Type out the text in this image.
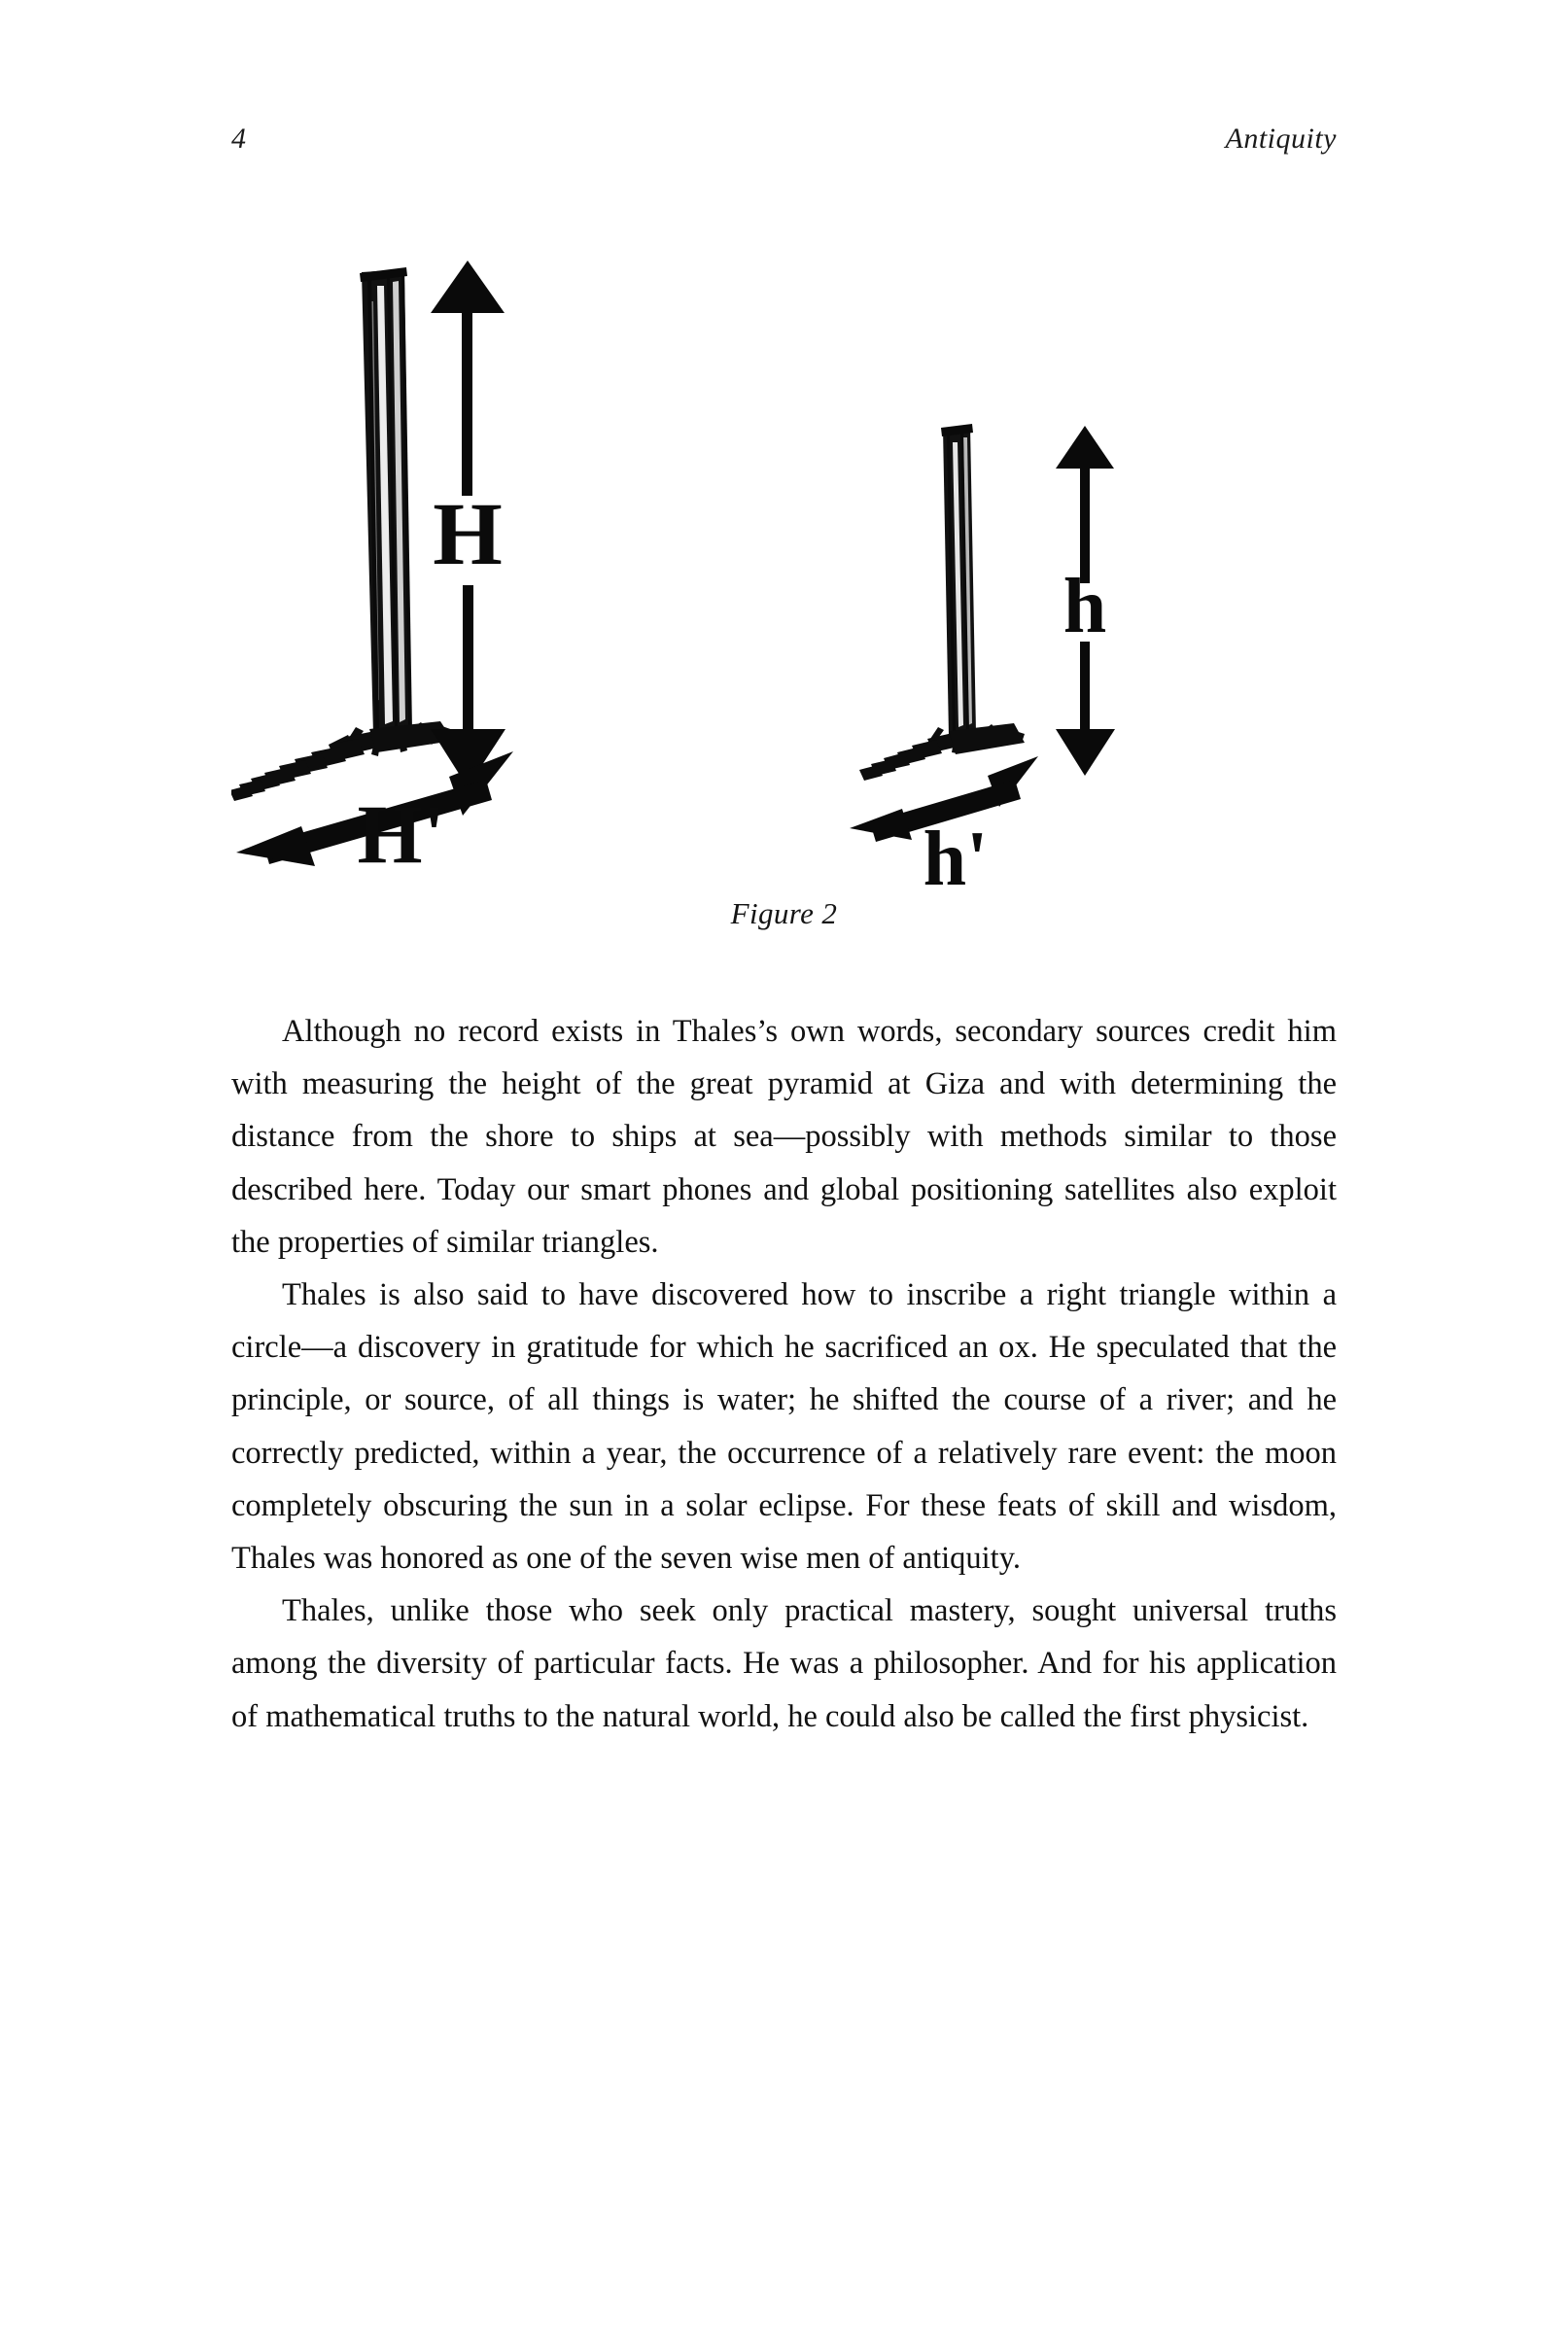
4	Antiquity
H
H'
h
h'
Figure 2

Although no record exists in Thales’s own words, secondary sources credit him with measuring the height of the great pyramid at Giza and with determining the distance from the shore to ships at sea—possibly with methods similar to those described here. Today our smart phones and global positioning satellites also exploit the properties of similar triangles.

Thales is also said to have discovered how to inscribe a right triangle within a circle—a discovery in gratitude for which he sacrificed an ox. He speculated that the principle, or source, of all things is water; he shifted the course of a river; and he correctly predicted, within a year, the occurrence of a relatively rare event: the moon completely obscuring the sun in a solar eclipse. For these feats of skill and wisdom, Thales was honored as one of the seven wise men of antiquity.

Thales, unlike those who seek only practical mastery, sought universal truths among the diversity of particular facts. He was a philosopher. And for his application of mathematical truths to the natural world, he could also be called the first physicist.
